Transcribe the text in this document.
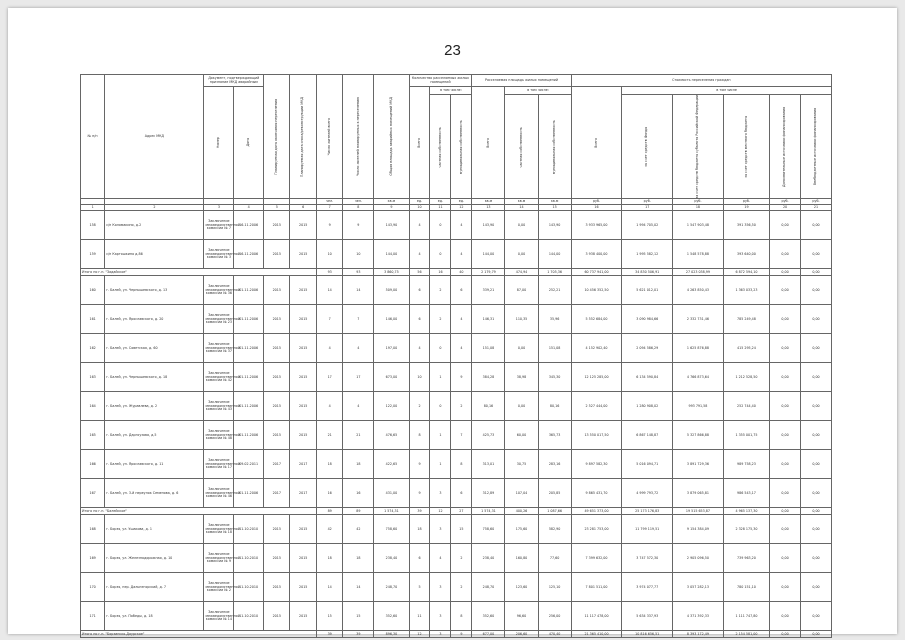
23
№ п/п	Адрес МКД	Документ, подтверждающий признание МКД аварийным		Планируемая дата окончания переселения	Планируемая дата сноса/реконструкции МКД	Число жителей всего	Число жителей планируемых к переселению	Общая площадь аварийных помещений МКД	Количество расселяемых жилых помещений			Расселяемая площадь жилых помещений			Стоимость переселения граждан					

		Номер	Дата						Всего	в том числе:		Всего	в том числе:		Всего	в том числе				

										частная собственность	муниципальная собственность		частная собственность	муниципальная собственность		за счет средств Фонда	за счет средств бюджета субъекта Российской Федерации	за счет средств местного бюджета	Дополнительные источники финансирования	Внебюджетные источники финансирования

						чел.	чел.	кв.м	ед.	ед.	ед.	кв.м	кв.м	кв.м	руб.	руб.	руб.	руб.	руб.	руб.
1	2	3	4	5	6	7	8	9	10	11	12	13	14	15	16	17	18	19	20	21
158	с/п Коломакино, д.2	Заключение межведомственной комиссии № 7	16.11.2006	2015	2015	9	9	143,90	4	0	4	143,90	0,00	143,90	3 933 965,00	1 994 705,02	1 547 903,48	391 356,50	0,00	0,00
159	с/п Картошкино д.86	Заключение межведомственной комиссии № 3	16.11.2006	2015	2015	10	10	144,00	4	0	4	144,00	0,00	144,00	3 938 400,00	1 995 582,12	1 548 578,88	393 640,00	0,00	0,00
Итого по г.п. "Задайское"						93	93	3 860,75	56	16	40	2 179,79	474,94	1 705,36	60 737 941,00	34 830 506,91	27 023 038,99	6 872 594,10	0,00	0,00
160	г. Балей, ул. Чернышевского, д. 13	Заключение межведомственной комиссии № 36	01.11.2006	2015	2015	14	14	509,00	6	2	6	339,21	87,00	252,21	10 456 352,50	5 621 012,01	4 263 850,43	1 363 033,23	0,00	0,00
161	г. Балей, ул. Ярославского, д. 20	Заключение межведомственной комиссии № 23	01.11.2006	2015	2015	7	7	146,00	6	2	4	146,31	110,35	35,96	5 552 684,00	3 090 984,66	2 332 731,46	785 249,48	0,00	0,00
162	г. Балей, ул. Советская, д. 60	Заключение межведомственной комиссии № 37	01.11.2006	2015	2015	4	4	197,00	4	0	4	151,08	0,00	151,08	4 152 902,40	2 094 586,29	1 625 876,88	415 295,24	0,00	0,00
163	г. Балей, ул. Чернышевского, д. 18	Заключение межведомственной комиссии № 42	01.11.2006	2015	2015	17	17	673,00	10	1	9	384,28	38,98	345,30	12 125 285,00	6 134 590,84	4 766 873,64	1 212 528,50	0,00	0,00
164	г. Балей, ул. Журавлева, д. 2	Заключение межведомственной комиссии № 43	01.11.2006	2015	2015	4	4	122,00	2	0	2	80,16	0,00	80,16	2 527 444,00	1 280 908,02	993 791,58	252 744,40	0,00	0,00
165	г. Балей, ул. Даргоузова, д.5	Заключение межведомственной комиссии № 48	01.11.2006	2015	2015	21	21	476,65	8	1	7	425,73	60,00	365,73	13 550 017,50	6 867 148,87	5 327 866,88	1 355 001,75	0,00	0,00
166	г. Балей, ул. Ярославского, д. 11	Заключение межведомственной комиссии № 17	09.02.2011	2017	2017	18	18	422,65	9	1	8	313,01	30,75	283,16	9 897 582,30	5 016 094,71	3 891 729,36	989 758,23	0,00	0,00
167	г. Балей, ул. 3-й переулок Семенова, д. 6	Заключение межведомственной комиссии № 46	01.11.2006	2017	2017	16	16	431,00	9	3	6	312,89	107,04	205,85	9 865 431,70	4 999 793,72	3 879 065,81	986 543,17	0,00	0,00
Итого по г.п. "Балейское"						89	89	1 574,31	39	12	27	1 574,31	400,26	1 087,66	49 651 373,00	25 173 176,83	19 515 653,87	4 965 137,30	0,00	0,00
168	г. Борзя, ул. Ушакова, д. 1	Заключение межведомственной комиссии № 18	11.10.2010	2015	2015	42	42	758,60	18	3	15	758,60	175,60	582,90	23 281 753,00	11 799 119,51	9 154 384,09	2 328 175,30	0,00	0,00
169	г. Борзя, ул. Железнодорожная, д. 10	Заключение межведомственной комиссии № 9	11.10.2010	2015	2015	18	18	238,40	6	4	2	238,40	160,80	77,60	7 399 632,00	3 747 572,30	2 905 096,50	739 963,20	0,00	0,00
170	г. Борзя, пер. Дальнегорский, д. 7	Заключение межведомственной комиссии № 2	11.10.2010	2015	2015	14	14	248,70	5	3	2	248,70	123,60	125,10	7 801 511,00	3 974 077,77	3 057 282,13	780 151,10	0,00	0,00
171	г. Борзя, ул. Победы, д. 18	Заключение межведомственной комиссии № 14	11.10.2010	2015	2015	15	15	352,60	11	3	8	352,60	96,60	256,00	11 117 478,00	5 634 337,93	4 371 392,33	1 111 747,80	0,00	0,00
Итого по г.п. "Борзинско-Даурское"						39	39	896,30	12	3	9	677,00	206,60	470,40	21 365 410,00	10 816 656,51	8 393 172,49	2 154 581,00	0,00	0,00
